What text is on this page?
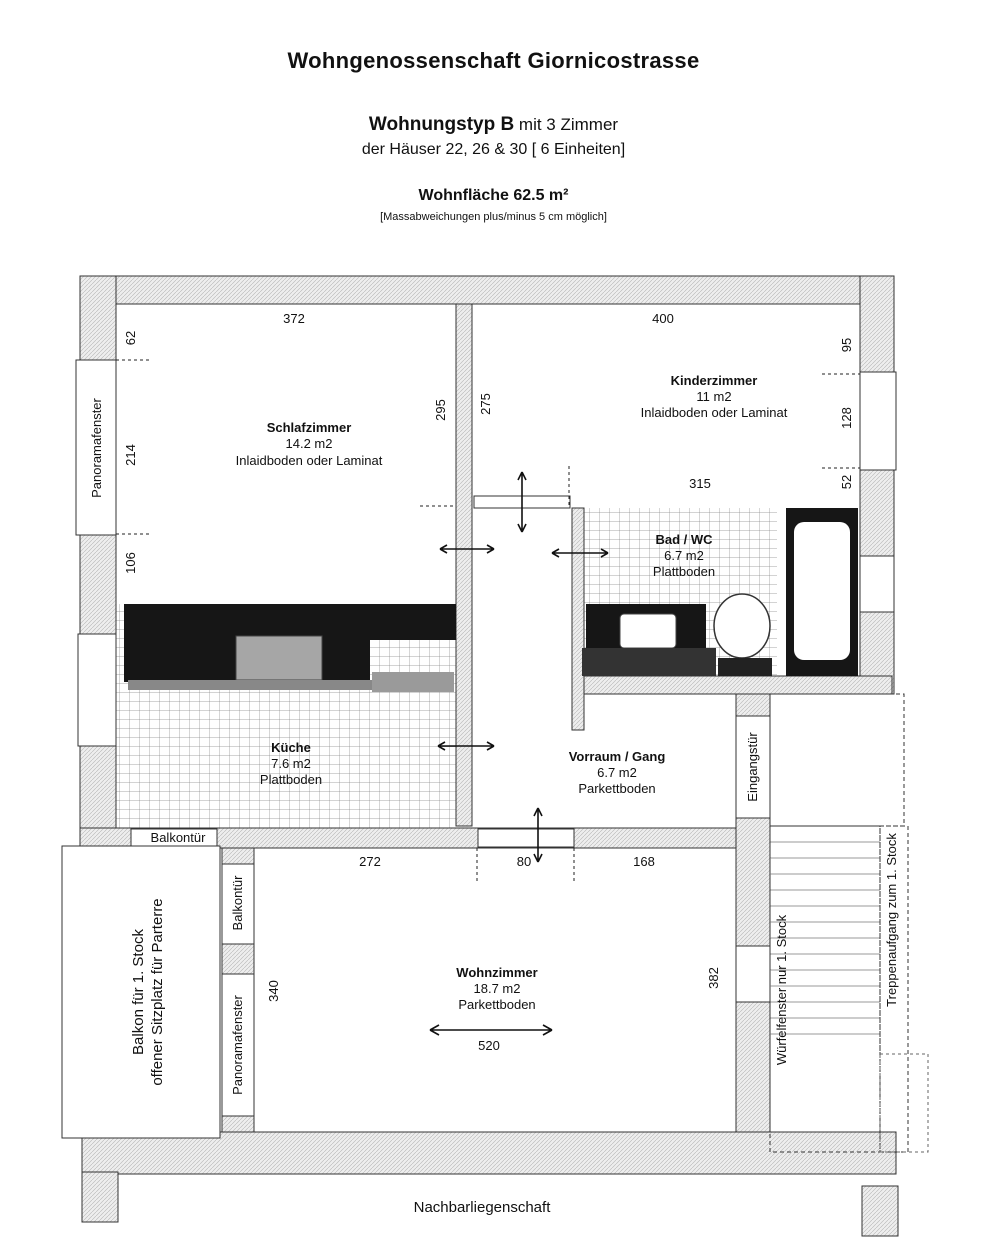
Wohngenossenschaft Giornicostrasse
Wohnungstyp B mit 3 Zimmer
der Häuser 22, 26 & 30 [ 6 Einheiten]
Wohnfläche 62.5 m²
[Massabweichungen plus/minus 5 cm möglich]
372	400
315
272	80	168
520
62
214
106
295 275
95
128
52
340
382
Schlafzimmer
14.2 m2
Inlaidboden oder Laminat
Kinderzimmer
11 m2
Inlaidboden oder Laminat
Bad / WC
6.7 m2
Plattboden
Küche
7.6 m2
Plattboden
Vorraum / Gang
6.7 m2
Parkettboden
Wohnzimmer
18.7 m2
Parkettboden
Panoramafenster
Balkontür
Balkontür
Panoramafenster
Eingangstür
Balkon für 1. Stock offener Sitzplatz für Parterre	Würfelfenster nur 1. Stock	Treppenaufgang zum 1. Stock
Nachbarliegenschaft
